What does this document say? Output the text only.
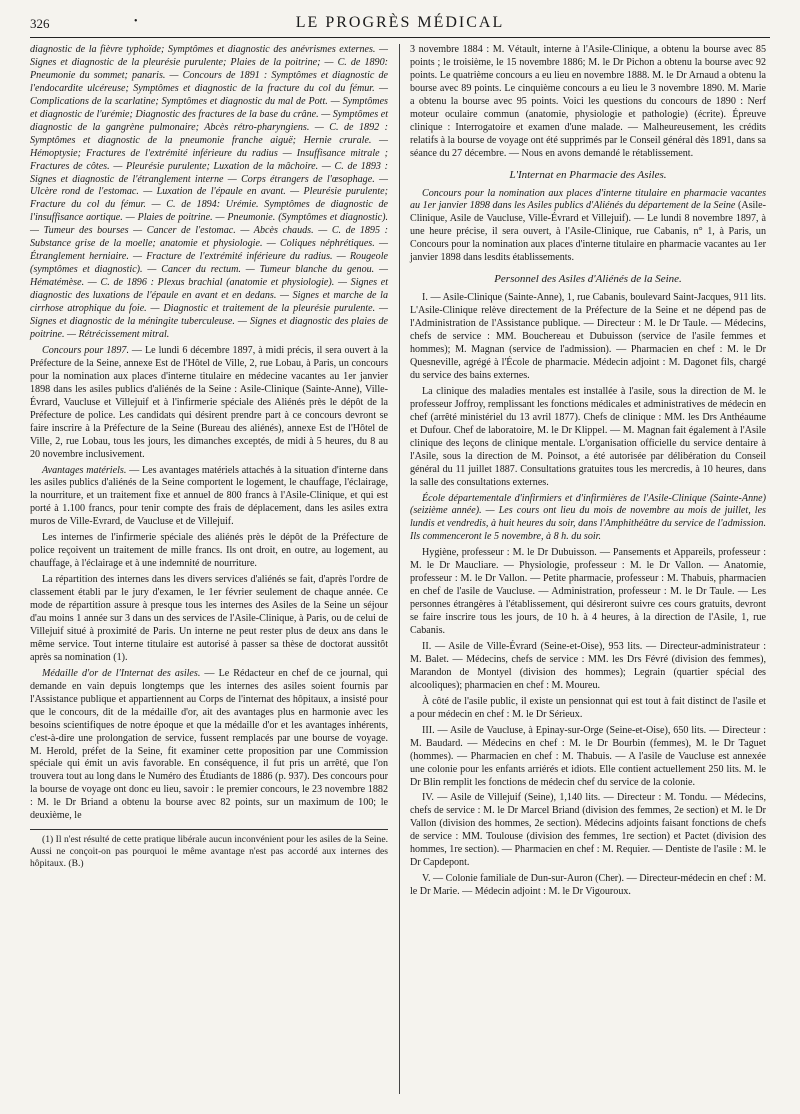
326	•	LE PROGRÈS MÉDICAL

diagnostic de la fièvre typhoïde; Symptômes et diagnostic des anévrismes externes. — Signes et diagnostic de la pleurésie purulente; Plaies de la poitrine; — C. de 1890: Pneumonie du sommet; panaris. — Concours de 1891 : Symptômes et diagnostic de l'endocardite ulcéreuse; Symptômes et diagnostic de la fracture du col du fémur. — Complications de la scarlatine; Symptômes et diagnostic du mal de Pott. — Symptômes et diagnostic de l'urémie; Diagnostic des fractures de la base du crâne. — Symptômes et diagnostic de la gangrène pulmonaire; Abcès rétro-pharyngiens. — C. de 1892 : Symptômes et diagnostic de la pneumonie franche aiguë; Hernie crurale. — Hémoptysie; Fractures de l'extrémité inférieure du radius — Insuffisance mitrale ; Fractures de côtes. — Pleurésie purulente; Luxation de la mâchoire. — C. de 1893 : Signes et diagnostic de l'étranglement interne — Corps étrangers de l'œsophage. — Ulcère rond de l'estomac. — Luxation de l'épaule en avant. — Pleurésie purulente; Fracture du col du fémur. — C. de 1894: Urémie. Symptômes de diagnostic de l'insuffisance aortique. — Plaies de poitrine. — Pneumonie. (Symptômes et diagnostic). — Tumeur des bourses — Cancer de l'estomac. — Abcès chauds. — C. de 1895 : Substance grise de la moelle; anatomie et physiologie. — Coliques néphrétiques. — Étranglement herniaire. — Fracture de l'extrémité inférieure du radius. — Rougeole (symptômes et diagnostic). — Cancer du rectum. — Tumeur blanche du genou. — Hématémèse. — C. de 1896 : Plexus brachial (anatomie et physiologie). — Signes et diagnostic des luxations de l'épaule en avant et en dedans. — Signes et marche de la cirrhose atrophique du foie. — Diagnostic et traitement de la pleurésie purulente. — Signes et diagnostic de la méningite tuberculeuse. — Signes et diagnostic des plaies de poitrine. — Rétrécissement mitral.

Concours pour 1897. — Le lundi 6 décembre 1897, à midi précis, il sera ouvert à la Préfecture de la Seine, annexe Est de l'Hôtel de Ville, 2, rue Lobau, à Paris, un concours pour la nomination aux places d'interne titulaire en médecine vacantes au 1er janvier 1898 dans les asiles publics d'aliénés de la Seine : Asile-Clinique (Sainte-Anne), Ville-Évrard, Vaucluse et Villejuif et à l'infirmerie spéciale des Aliénés près le dépôt de la Préfecture de police. Les candidats qui désirent prendre part à ce concours devront se faire inscrire à la Préfecture de la Seine (Bureau des aliénés), annexe Est de l'Hôtel de Ville, 2, rue Lobau, tous les jours, les dimanches exceptés, de midi à 5 heures, du 8 au 20 novembre inclusivement.

Avantages matériels. — Les avantages matériels attachés à la situation d'interne dans les asiles publics d'aliénés de la Seine comportent le logement, le chauffage, l'éclairage, la nourriture, et un traitement fixe et annuel de 800 francs à l'Asile-Clinique, et qui est porté à 1.100 francs, pour tenir compte des frais de déplacement, dans les asiles extra muros de Ville-Evrard, de Vaucluse et de Villejuif.

Les internes de l'infirmerie spéciale des aliénés près le dépôt de la Préfecture de police reçoivent un traitement de mille francs. Ils ont droit, en outre, au logement, au chauffage, à l'éclairage et à une indemnité de nourriture.

La répartition des internes dans les divers services d'aliénés se fait, d'après l'ordre de classement établi par le jury d'examen, le 1er février seulement de chaque année. Ce mode de répartition assure à presque tous les internes des Asiles de la Seine un séjour d'au moins 1 année sur 3 dans un des services de l'Asile-Clinique, à Paris, ou de celui de Villejuif situé à proximité de Paris. Un interne ne peut rester plus de deux ans dans le même service. Tout interne titulaire est autorisé à passer sa thèse de doctorat aussitôt après sa nomination (1).

Médaille d'or de l'Internat des asiles. — Le Rédacteur en chef de ce journal, qui demande en vain depuis longtemps que les internes des asiles soient fournis par l'Assistance publique et appartiennent au Corps de l'internat des hôpitaux, a insisté pour que le concours, dit de la médaille d'or, ait des avantages plus en harmonie avec les besoins scientifiques de notre époque et que la médaille d'or et les avantages inhérents, c'est-à-dire une prolongation de service, fussent remplacés par une bourse de voyage. M. Herold, préfet de la Seine, fit examiner cette proposition par une Commission spéciale qui émit un avis favorable. En conséquence, il fut pris un arrêté, que l'on trouvera tout au long dans le Numéro des Étudiants de 1886 (p. 937). Des concours pour la bourse de voyage ont donc eu lieu, savoir : le premier concours, le 23 novembre 1882 : M. le Dr Briand a obtenu la bourse avec 82 points, sur un maximum de 100; le deuxième, le

(1) Il n'est résulté de cette pratique libérale aucun inconvénient pour les asiles de la Seine. Aussi ne conçoit-on pas pourquoi le même avantage n'est pas accordé aux internes des hôpitaux. (B.)

3 novembre 1884 : M. Vétault, interne à l'Asile-Clinique, a obtenu la bourse avec 85 points ; le troisième, le 15 novembre 1886; M. le Dr Pichon a obtenu la bourse avec 92 points. Le quatrième concours a eu lieu en novembre 1888. M. le Dr Arnaud a obtenu la bourse avec 89 points. Le cinquième concours a eu lieu le 3 novembre 1890. M. Marie a obtenu la bourse avec 95 points. Voici les questions du concours de 1890 : Nerf moteur oculaire commun (anatomie, physiologie et pathologie) (écrite). Épreuve clinique : Interrogatoire et examen d'une malade. — Malheureusement, les crédits relatifs à la bourse de voyage ont été supprimés par le Conseil général dès 1891, dans sa séance du 27 décembre. — Nous en avons demandé le rétablissement.

L'Internat en Pharmacie des Asiles.

Concours pour la nomination aux places d'interne titulaire en pharmacie vacantes au 1er janvier 1898 dans les Asiles publics d'Aliénés du département de la Seine (Asile-Clinique, Asile de Vaucluse, Ville-Évrard et Villejuif). — Le lundi 8 novembre 1897, à une heure précise, il sera ouvert, à l'Asile-Clinique, rue Cabanis, n° 1, à Paris, un Concours pour la nomination aux places d'interne titulaire en pharmacie vacantes au 1er janvier 1898 dans lesdits établissements.

Personnel des Asiles d'Aliénés de la Seine.

I. — Asile-Clinique (Sainte-Anne), 1, rue Cabanis, boulevard Saint-Jacques, 911 lits. L'Asile-Clinique relève directement de la Préfecture de la Seine et ne dépend pas de l'Administration de l'Assistance publique. — Directeur : M. le Dr Taule. — Médecins, chefs de service : MM. Bouchereau et Dubuisson (service de l'asile femmes et hommes); M. Magnan (service de l'admission). — Pharmacien en chef : M. le Dr Quesneville, agrégé à l'École de pharmacie. Médecin adjoint : M. Dagonet fils, chargé du service des bains externes.

La clinique des maladies mentales est installée à l'asile, sous la direction de M. le professeur Joffroy, remplissant les fonctions médicales et administratives de médecin en chef (arrêté ministériel du 13 avril 1877). Chefs de clinique : MM. les Drs Anthéaume et Dufour. Chef de laboratoire, M. le Dr Klippel. — M. Magnan fait également à l'Asile clinique des leçons de clinique mentale. L'organisation officielle du service dentaire à l'Asile, sous la direction de M. Poinsot, a été autorisée par délibération du Conseil général du 11 juillet 1887. Consultations gratuites tous les mercredis, à 10 heures, dans la salle des consultations externes.

École départementale d'infirmiers et d'infirmières de l'Asile-Clinique (Sainte-Anne) (seizième année). — Les cours ont lieu du mois de novembre au mois de juillet, les lundis et vendredis, à huit heures du soir, dans l'Amphithéâtre du service de l'admission. Ils commenceront le 5 novembre, à 8 h. du soir.

Hygiène, professeur : M. le Dr Dubuisson. — Pansements et Appareils, professeur : M. le Dr Maucliare. — Physiologie, professeur : M. le Dr Vallon. — Anatomie, professeur : M. le Dr Vallon. — Petite pharmacie, professeur : M. Thabuis, pharmacien en chef de l'asile de Vaucluse. — Administration, professeur : M. le Dr Taule. — Les personnes étrangères à l'établissement, qui désireront suivre ces cours gratuits, devront se faire inscrire tous les jours, de 10 h. à 4 heures, à la direction de l'Asile, 1, rue Cabanis.

II. — Asile de Ville-Évrard (Seine-et-Oise), 953 lits. — Directeur-administrateur : M. Balet. — Médecins, chefs de service : MM. les Drs Févré (division des femmes), Marandon de Montyel (division des hommes); Legrain (quartier spécial des alcooliques); pharmacien en chef : M. Moureu.

À côté de l'asile public, il existe un pensionnat qui est tout à fait distinct de l'asile et a pour médecin en chef : M. le Dr Sérieux.

III. — Asile de Vaucluse, à Epinay-sur-Orge (Seine-et-Oise), 650 lits. — Directeur : M. Baudard. — Médecins en chef : M. le Dr Bourbin (femmes), M. le Dr Taguet (hommes). — Pharmacien en chef : M. Thabuis. — A l'asile de Vaucluse est annexée une colonie pour les enfants arriérés et idiots. Elle contient actuellement 250 lits. M. le Dr Blin remplit les fonctions de médecin chef du service de la colonie.

IV. — Asile de Villejuif (Seine), 1,140 lits. — Directeur : M. Tondu. — Médecins, chefs de service : M. le Dr Marcel Briand (division des femmes, 2e section) et M. le Dr Vallon (division des hommes, 2e section). Médecins adjoints faisant fonctions de chefs de service : MM. Toulouse (division des femmes, 1re section) et Pactet (division des hommes, 1re section). — Pharmacien en chef : M. Requier. — Dentiste de l'asile : M. le Dr Capdepont.

V. — Colonie familiale de Dun-sur-Auron (Cher). — Directeur-médecin en chef : M. le Dr Marie. — Médecin adjoint : M. le Dr Vigouroux.
